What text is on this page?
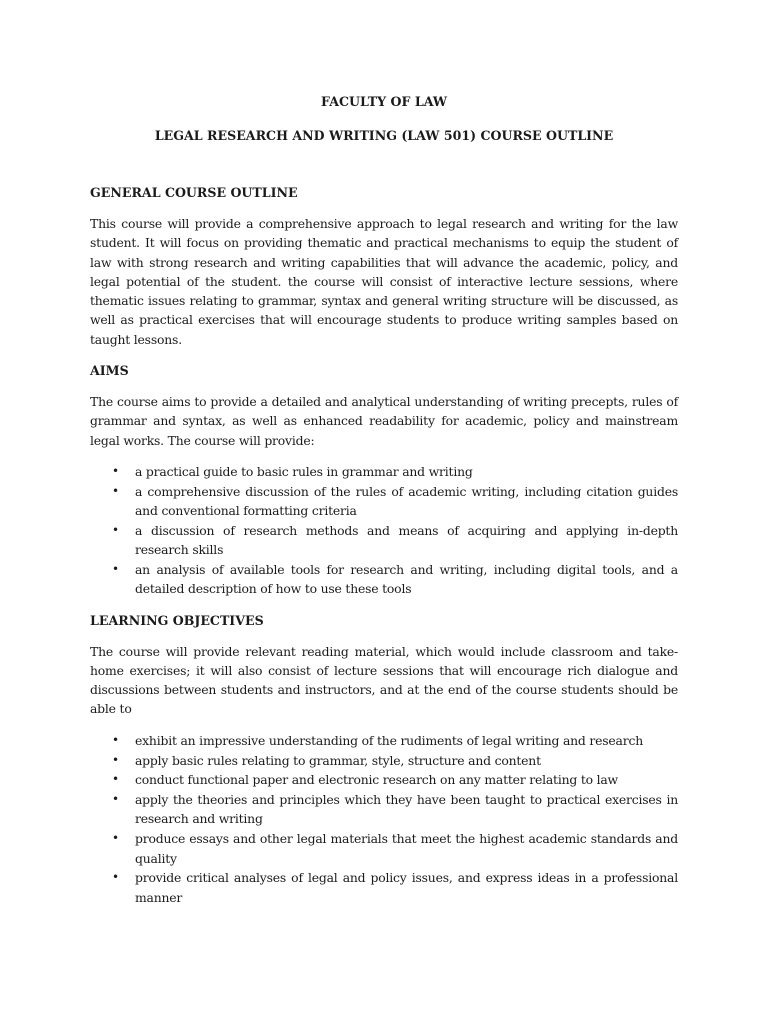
FACULTY OF LAW

LEGAL RESEARCH AND WRITING (LAW 501) COURSE OUTLINE

GENERAL COURSE OUTLINE

This course will provide a comprehensive approach to legal research and writing for the law student. It will focus on providing thematic and practical mechanisms to equip the student of law with strong research and writing capabilities that will advance the academic, policy, and legal potential of the student. the course will consist of interactive lecture sessions, where thematic issues relating to grammar, syntax and general writing structure will be discussed, as well as practical exercises that will encourage students to produce writing samples based on taught lessons.

AIMS

The course aims to provide a detailed and analytical understanding of writing precepts, rules of grammar and syntax, as well as enhanced readability for academic, policy and mainstream legal works. The course will provide:

• a practical guide to basic rules in grammar and writing
• a comprehensive discussion of the rules of academic writing, including citation guides and conventional formatting criteria
• a discussion of research methods and means of acquiring and applying in-depth research skills
• an analysis of available tools for research and writing, including digital tools, and a detailed description of how to use these tools

LEARNING OBJECTIVES

The course will provide relevant reading material, which would include classroom and take-home exercises; it will also consist of lecture sessions that will encourage rich dialogue and discussions between students and instructors, and at the end of the course students should be able to

• exhibit an impressive understanding of the rudiments of legal writing and research
• apply basic rules relating to grammar, style, structure and content
• conduct functional paper and electronic research on any matter relating to law
• apply the theories and principles which they have been taught to practical exercises in research and writing
• produce essays and other legal materials that meet the highest academic standards and quality
• provide critical analyses of legal and policy issues, and express ideas in a professional manner
